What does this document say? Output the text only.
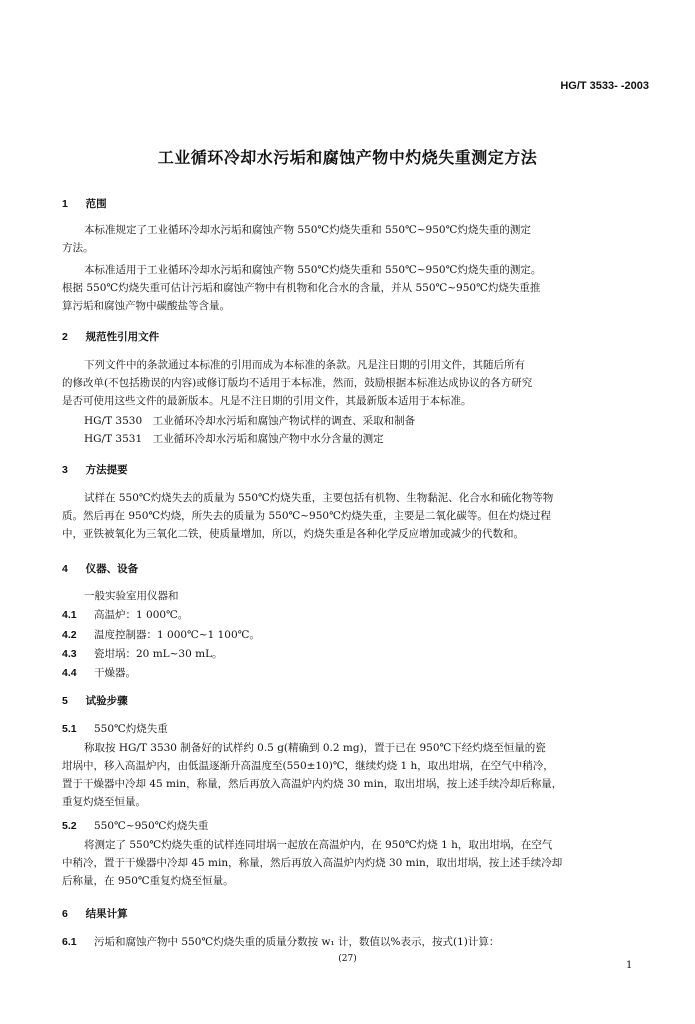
HG/T 3533- -2003
工业循环冷却水污垢和腐蚀产物中灼烧失重测定方法
1 范围
本标准规定了工业循环冷却水污垢和腐蚀产物 550℃灼烧失重和 550℃~950℃灼烧失重的测定
方法。
本标准适用于工业循环冷却水污垢和腐蚀产物 550℃灼烧失重和 550℃~950℃灼烧失重的测定。
根据 550℃灼烧失重可估计污垢和腐蚀产物中有机物和化合水的含量，并从 550℃~950℃灼烧失重推
算污垢和腐蚀产物中碳酸盐等含量。
2 规范性引用文件
下列文件中的条款通过本标准的引用而成为本标准的条款。凡是注日期的引用文件，其随后所有
的修改单(不包括勘误的内容)或修订版均不适用于本标准，然而，鼓励根据本标准达成协议的各方研究
是否可使用这些文件的最新版本。凡是不注日期的引用文件，其最新版本适用于本标准。
HG/T 3530　 工业循环冷却水污垢和腐蚀产物试样的调查、采取和制备
HG/T 3531　 工业循环冷却水污垢和腐蚀产物中水分含量的测定
3 方法提要
试样在 550℃灼烧失去的质量为 550℃灼烧失重，主要包括有机物、生物黏泥、化合水和硫化物等物
质。然后再在 950℃灼烧，所失去的质量为 550℃~950℃灼烧失重，主要是二氧化碳等。但在灼烧过程
中，亚铁被氧化为三氧化二铁，使质量增加，所以，灼烧失重是各种化学反应增加或减少的代数和。
4 仪器、设备
一般实验室用仪器和
4.1 高温炉：1 000℃。
4.2 温度控制器：1 000℃~1 100℃。
4.3 瓷坩埚：20 mL~30 mL。
4.4 干燥器。
5 试验步骤
5.1 550℃灼烧失重
称取按 HG/T 3530 制备好的试样约 0.5 g(精确到 0.2 mg)，置于已在 950℃下经灼烧至恒量的瓷
坩埚中，移入高温炉内，由低温逐渐升高温度至(550±10)℃，继续灼烧 1 h，取出坩埚，在空气中稍冷，
置于干燥器中冷却 45 min，称量，然后再放入高温炉内灼烧 30 min，取出坩埚，按上述手续冷却后称量，
重复灼烧至恒量。
5.2 550℃~950℃灼烧失重
将测定了 550℃灼烧失重的试样连同坩埚一起放在高温炉内，在 950℃灼烧 1 h，取出坩埚，在空气
中稍冷，置于干燥器中冷却 45 min，称量，然后再放入高温炉内灼烧 30 min，取出坩埚，按上述手续冷却
后称量，在 950℃重复灼烧至恒量。
6 结果计算
6.1 污垢和腐蚀产物中 550℃灼烧失重的质量分数按 w₁ 计，数值以%表示，按式(1)计算：
(27)
1
